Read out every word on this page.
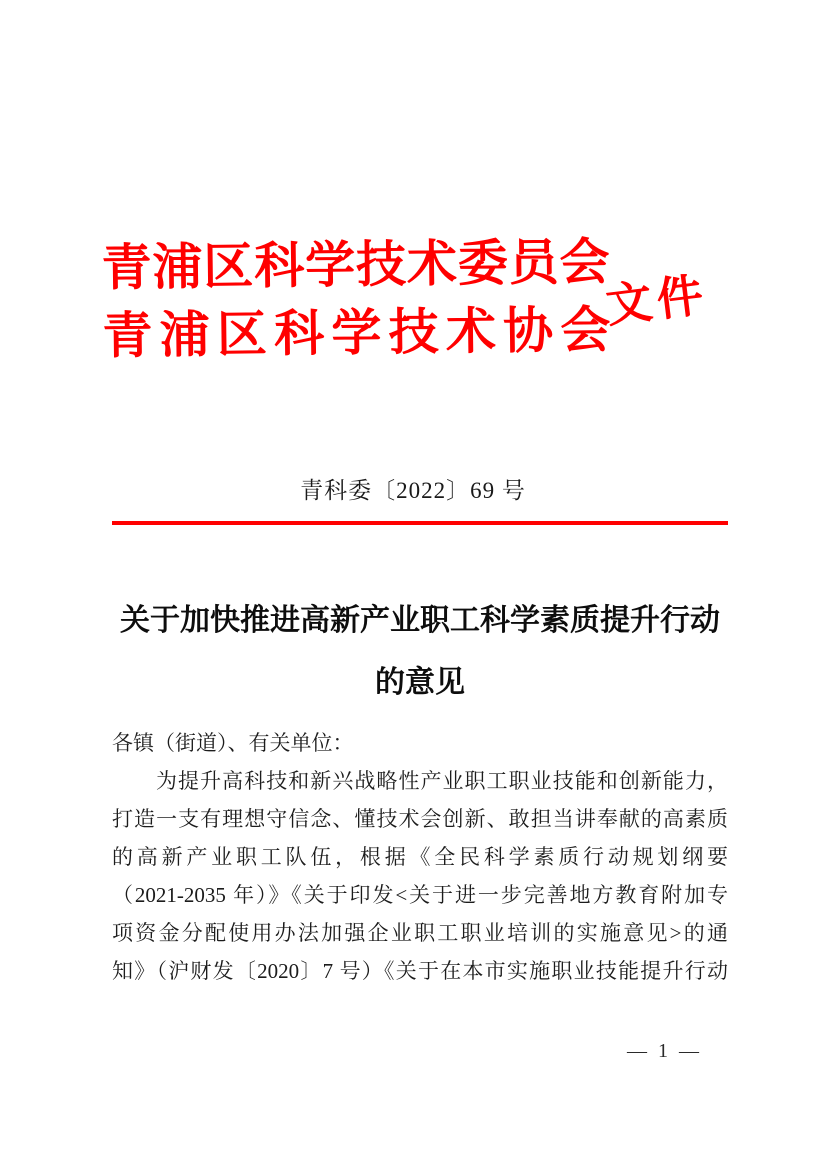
青浦区科学技术委员会
青浦区科学技术协会
文件
青科委〔2022〕69 号
关于加快推进高新产业职工科学素质提升行动
的意见
各镇（街道）、有关单位：
为提升高科技和新兴战略性产业职工职业技能和创新能力，
打造一支有理想守信念、懂技术会创新、敢担当讲奉献的高素质
的高新产业职工队伍，根据《全民科学素质行动规划纲要
（2021-2035 年）》《关于印发<关于进一步完善地方教育附加专
项资金分配使用办法加强企业职工职业培训的实施意见>的通
知》（沪财发〔2020〕7 号）《关于在本市实施职业技能提升行动
— 1 —
